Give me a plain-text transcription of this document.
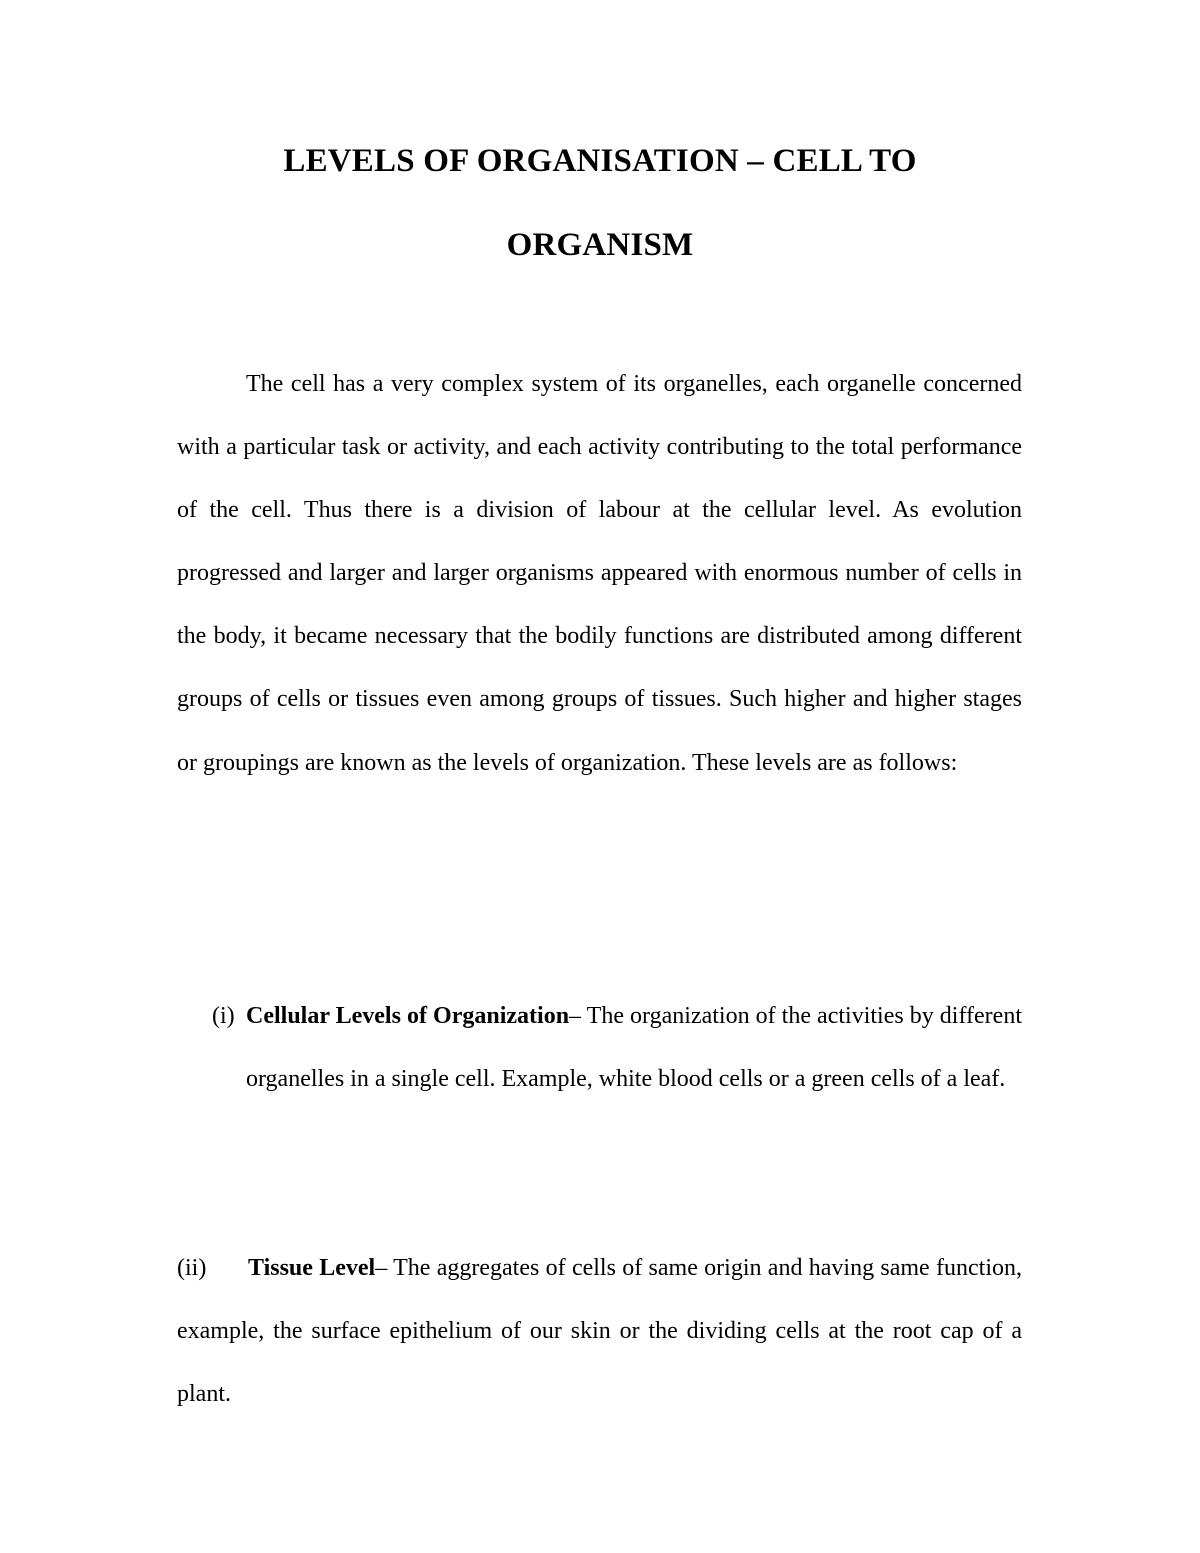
LEVELS OF ORGANISATION – CELL TO
ORGANISM

The cell has a very complex system of its organelles, each organelle concerned with a particular task or activity, and each activity contributing to the total performance of the cell. Thus there is a division of labour at the cellular level. As evolution progressed and larger and larger organisms appeared with enormous number of cells in the body, it became necessary that the bodily functions are distributed among different groups of cells or tissues even among groups of tissues. Such higher and higher stages or groupings are known as the levels of organization. These levels are as follows:

(i) Cellular Levels of Organization– The organization of the activities by different organelles in a single cell. Example, white blood cells or a green cells of a leaf.

(ii) Tissue Level– The aggregates of cells of same origin and having same function, example, the surface epithelium of our skin or the dividing cells at the root cap of a plant.
